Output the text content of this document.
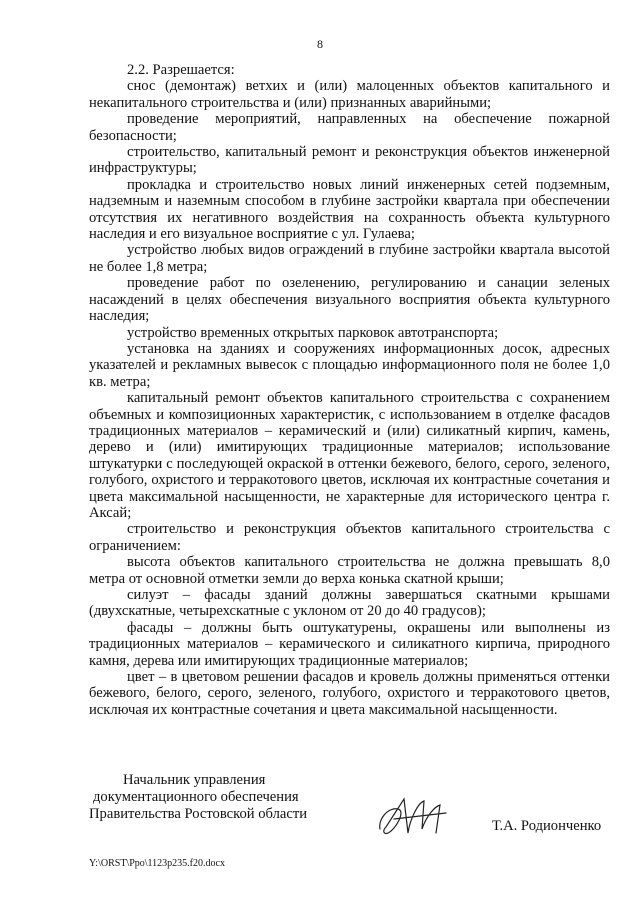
8

2.2. Разрешается:

снос (демонтаж) ветхих и (или) малоценных объектов капитального и некапитального строительства и (или) признанных аварийными;

проведение мероприятий, направленных на обеспечение пожарной безопасности;

строительство, капитальный ремонт и реконструкция объектов инженерной инфраструктуры;

прокладка и строительство новых линий инженерных сетей подземным, надземным и наземным способом в глубине застройки квартала при обеспечении отсутствия их негативного воздействия на сохранность объекта культурного наследия и его визуальное восприятие с ул. Гулаева;

устройство любых видов ограждений в глубине застройки квартала высотой не более 1,8 метра;

проведение работ по озеленению, регулированию и санации зеленых насаждений в целях обеспечения визуального восприятия объекта культурного наследия;

устройство временных открытых парковок автотранспорта;

установка на зданиях и сооружениях информационных досок, адресных указателей и рекламных вывесок с площадью информационного поля не более 1,0 кв. метра;

капитальный ремонт объектов капитального строительства с сохранением объемных и композиционных характеристик, с использованием в отделке фасадов традиционных материалов – керамический и (или) силикатный кирпич, камень, дерево и (или) имитирующих традиционные материалов; использование штукатурки с последующей окраской в оттенки бежевого, белого, серого, зеленого, голубого, охристого и терракотового цветов, исключая их контрастные сочетания и цвета максимальной насыщенности, не характерные для исторического центра г. Аксай;

строительство и реконструкция объектов капитального строительства с ограничением:

высота объектов капитального строительства не должна превышать 8,0 метра от основной отметки земли до верха конька скатной крыши;

силуэт – фасады зданий должны завершаться скатными крышами (двухскатные, четырехскатные с уклоном от 20 до 40 градусов);

фасады – должны быть оштукатурены, окрашены или выполнены из традиционных материалов – керамического и силикатного кирпича, природного камня, дерева или имитирующих традиционные материалов;

цвет – в цветовом решении фасадов и кровель должны применяться оттенки бежевого, белого, серого, зеленого, голубого, охристого и терракотового цветов, исключая их контрастные сочетания и цвета максимальной насыщенности.

Начальник управления
документационного обеспечения
Правительства Ростовской области
Т.А. Родионченко
Y:\ORST\Ppo\1123p235.f20.docx
